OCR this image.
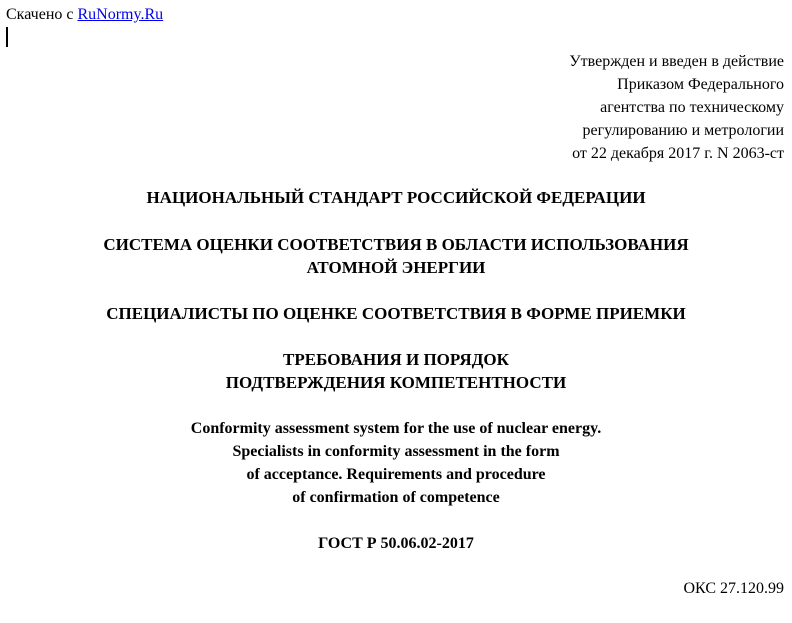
Скачено с RuNormy.Ru
Утвержден и введен в действие
Приказом Федерального
агентства по техническому
регулированию и метрологии
от 22 декабря 2017 г. N 2063-ст
НАЦИОНАЛЬНЫЙ СТАНДАРТ РОССИЙСКОЙ ФЕДЕРАЦИИ
СИСТЕМА ОЦЕНКИ СООТВЕТСТВИЯ В ОБЛАСТИ ИСПОЛЬЗОВАНИЯ
АТОМНОЙ ЭНЕРГИИ
СПЕЦИАЛИСТЫ ПО ОЦЕНКЕ СООТВЕТСТВИЯ В ФОРМЕ ПРИЕМКИ
ТРЕБОВАНИЯ И ПОРЯДОК
ПОДТВЕРЖДЕНИЯ КОМПЕТЕНТНОСТИ
Conformity assessment system for the use of nuclear energy.
Specialists in conformity assessment in the form
of acceptance. Requirements and procedure
of confirmation of competence
ГОСТ Р 50.06.02-2017
ОКС 27.120.99
